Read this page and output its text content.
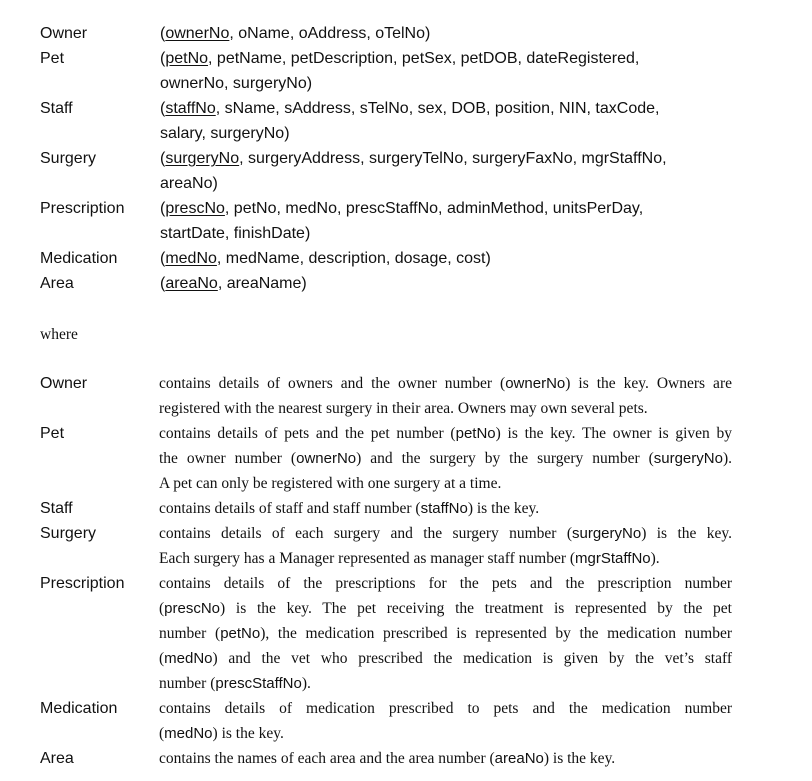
Owner	(ownerNo, oName, oAddress, oTelNo)
Pet	(petNo, petName, petDescription, petSex, petDOB, dateRegistered,
ownerNo, surgeryNo)
Staff	(staffNo, sName, sAddress, sTelNo, sex, DOB, position, NIN, taxCode,
salary, surgeryNo)
Surgery	(surgeryNo, surgeryAddress, surgeryTelNo, surgeryFaxNo, mgrStaffNo,
areaNo)
Prescription (prescNo, petNo, medNo, prescStaffNo, adminMethod, unitsPerDay,
startDate, finishDate)
Medication	(medNo, medName, description, dosage, cost)
Area	(areaNo, areaName)
where
Owner	contains details of owners and the owner number (ownerNo) is the key. Owners are
registered with the nearest surgery in their area. Owners may own several pets.
Pet	contains details of pets and the pet number (petNo) is the key. The owner is given by
the owner number (ownerNo) and the surgery by the surgery number (surgeryNo).
A pet can only be registered with one surgery at a time.
Staff	contains details of staff and staff number (staffNo) is the key.
Surgery	contains details of each surgery and the surgery number (surgeryNo) is the key.
Each surgery has a Manager represented as manager staff number (mgrStaffNo).
Prescription contains details of the prescriptions for the pets and the prescription number
(prescNo) is the key. The pet receiving the treatment is represented by the pet
number (petNo), the medication prescribed is represented by the medication number
(medNo) and the vet who prescribed the medication is given by the vet’s staff
number (prescStaffNo).
Medication	contains details of medication prescribed to pets and the medication number
(medNo) is the key.
Area	contains the names of each area and the area number (areaNo) is the key.
